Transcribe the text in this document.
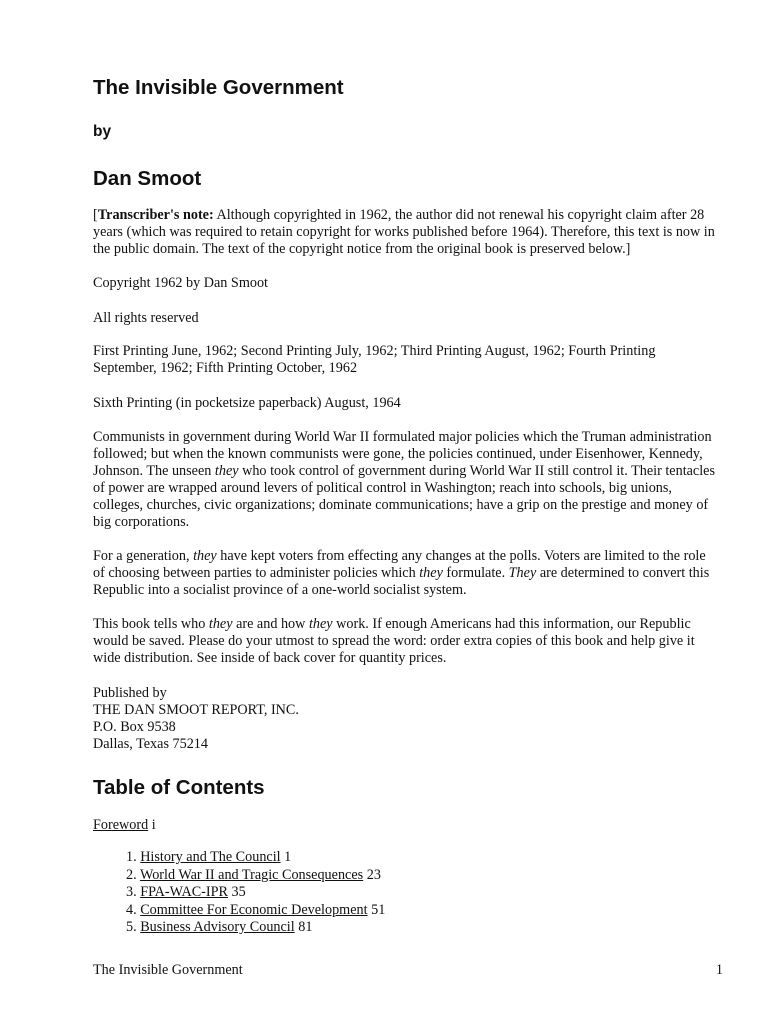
The Invisible Government
by
Dan Smoot

[Transcriber's note: Although copyrighted in 1962, the author did not renewal his copyright claim after 28
years (which was required to retain copyright for works published before 1964). Therefore, this text is now in
the public domain. The text of the copyright notice from the original book is preserved below.]

Copyright 1962 by Dan Smoot

All rights reserved

First Printing June, 1962; Second Printing July, 1962; Third Printing August, 1962; Fourth Printing
September, 1962; Fifth Printing October, 1962

Sixth Printing (in pocketsize paperback) August, 1964

Communists in government during World War II formulated major policies which the Truman administration
followed; but when the known communists were gone, the policies continued, under Eisenhower, Kennedy,
Johnson. The unseen they who took control of government during World War II still control it. Their tentacles
of power are wrapped around levers of political control in Washington; reach into schools, big unions,
colleges, churches, civic organizations; dominate communications; have a grip on the prestige and money of
big corporations.

For a generation, they have kept voters from effecting any changes at the polls. Voters are limited to the role
of choosing between parties to administer policies which they formulate. They are determined to convert this
Republic into a socialist province of a one-world socialist system.

This book tells who they are and how they work. If enough Americans had this information, our Republic
would be saved. Please do your utmost to spread the word: order extra copies of this book and help give it
wide distribution. See inside of back cover for quantity prices.

Published by
THE DAN SMOOT REPORT, INC.
P.O. Box 9538
Dallas, Texas 75214

Table of Contents

Foreword i

1. History and The Council 1
2. World War II and Tragic Consequences 23
3. FPA-WAC-IPR 35
4. Committee For Economic Development 51
5. Business Advisory Council 81
The Invisible Government	1
